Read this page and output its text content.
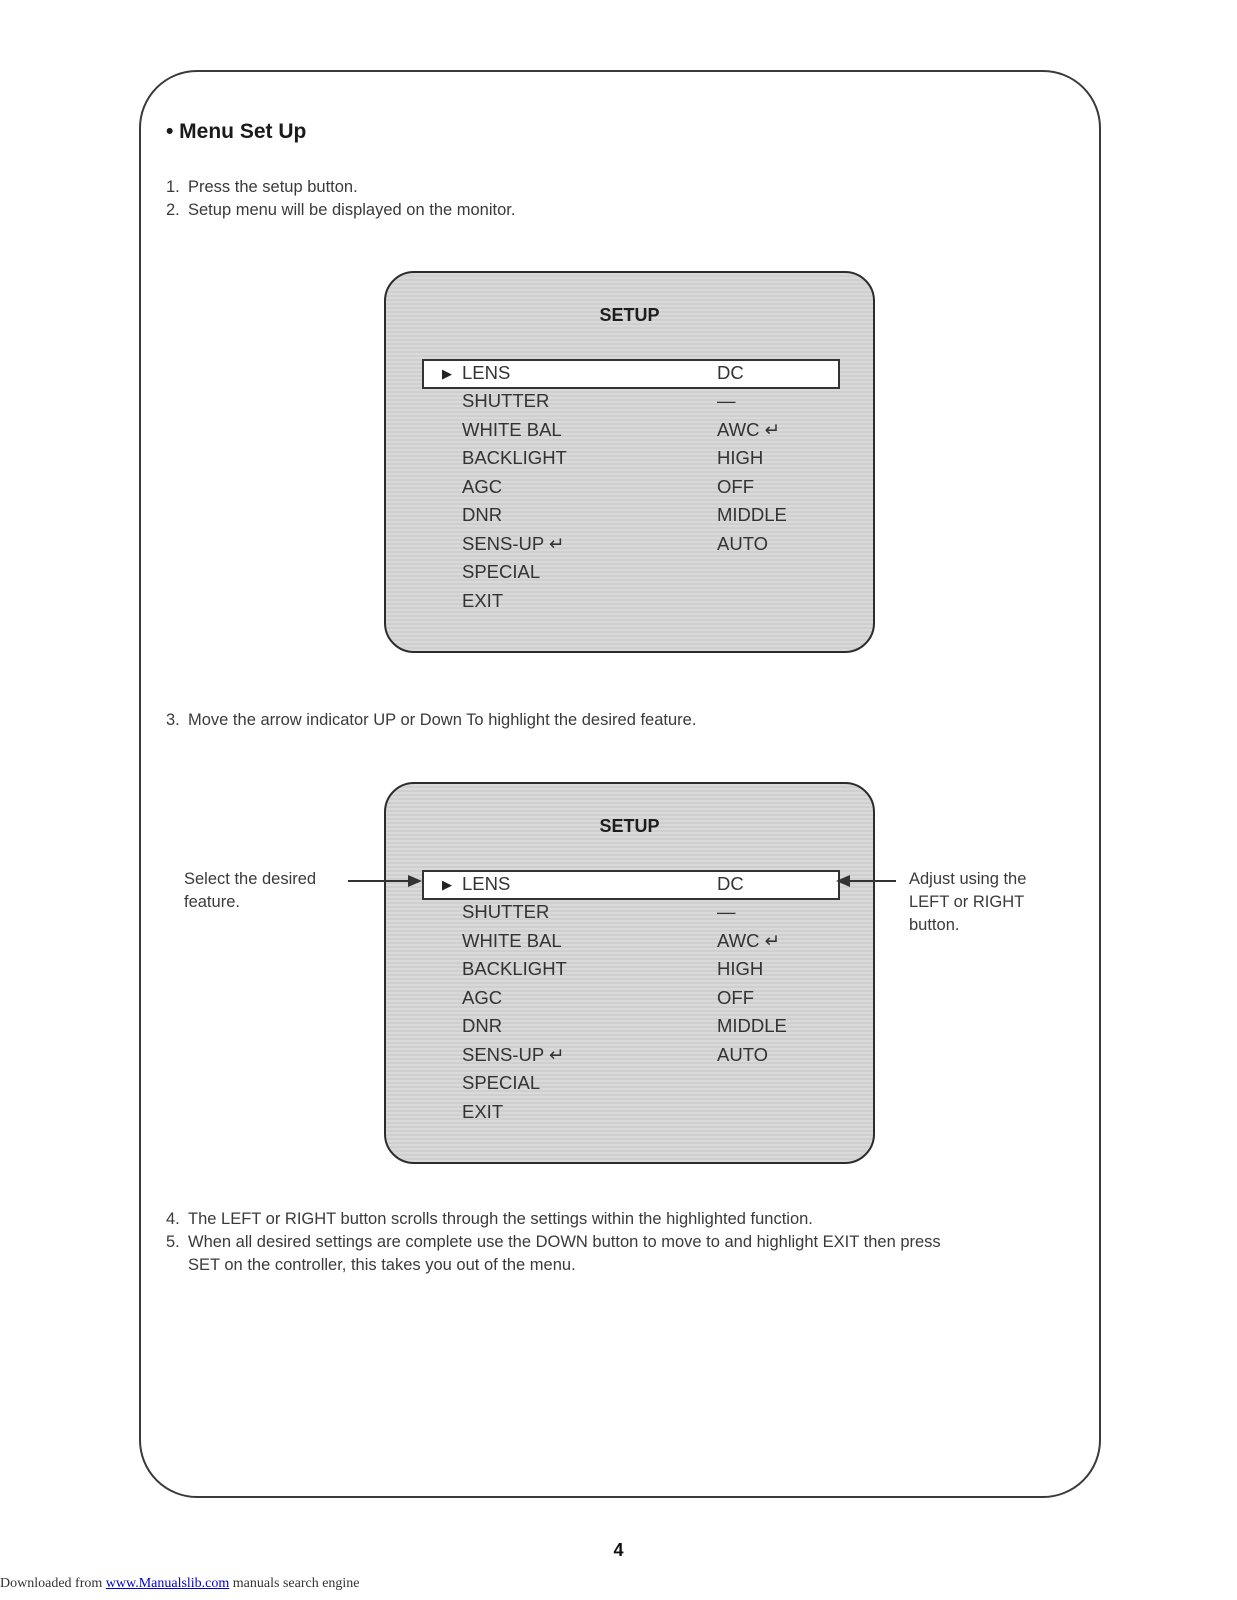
• Menu Set Up
1. Press the setup button.
2. Setup menu will be displayed on the monitor.
SETUP
▶ LENS	DC
SHUTTER	—
WHITE BAL	AWC ↵
BACKLIGHT	HIGH
AGC	OFF
DNR	MIDDLE
SENS-UP ↵	AUTO
SPECIAL
EXIT
3. Move the arrow indicator UP or Down To highlight the desired feature.
SETUP
▶ LENS	DC
SHUTTER	—
WHITE BAL	AWC ↵
BACKLIGHT	HIGH
AGC	OFF
DNR	MIDDLE
SENS-UP ↵	AUTO
SPECIAL
EXIT
Select the desired
feature.
Adjust using the
LEFT or RIGHT
button.
4. The LEFT or RIGHT button scrolls through the settings within the highlighted function.
5. When all desired settings are complete use the DOWN button to move to and highlight EXIT then press
SET on the controller, this takes you out of the menu.
4
Downloaded from www.Manualslib.com manuals search engine
